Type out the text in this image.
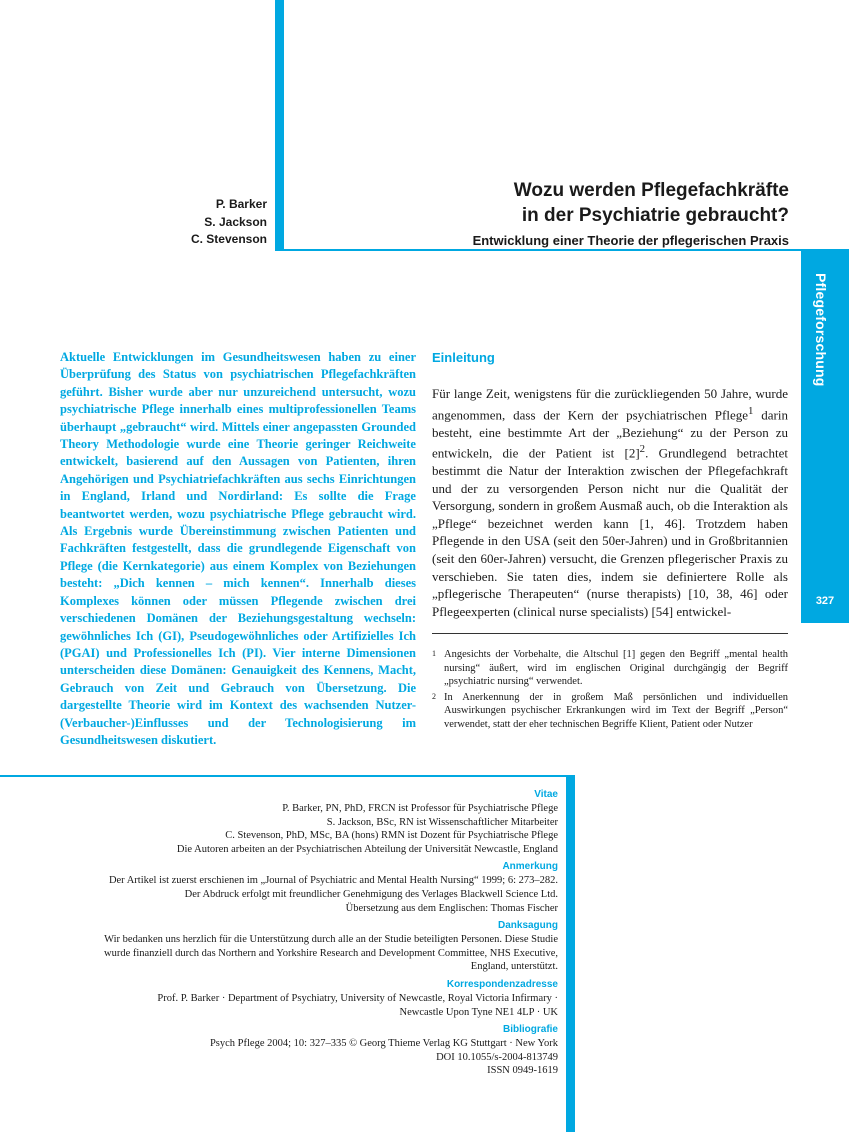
Pflegeforschung
327
P. Barker
S. Jackson
C. Stevenson
Wozu werden Pflegefachkräfte
in der Psychiatrie gebraucht?
Entwicklung einer Theorie der pflegerischen Praxis
Aktuelle Entwicklungen im Gesundheitswesen haben zu einer Überprüfung des Status von psychiatrischen Pflegefachkräften geführt. Bisher wurde aber nur unzureichend untersucht, wozu psychiatrische Pflege innerhalb eines multiprofessionellen Teams überhaupt „gebraucht“ wird. Mittels einer angepassten Grounded Theory Methodologie wurde eine Theorie geringer Reichweite entwickelt, basierend auf den Aussagen von Patienten, ihren Angehörigen und Psychiatriefachkräften aus sechs Einrichtungen in England, Irland und Nordirland: Es sollte die Frage beantwortet werden, wozu psychiatrische Pflege gebraucht wird. Als Ergebnis wurde Übereinstimmung zwischen Patienten und Fachkräften festgestellt, dass die grundlegende Eigenschaft von Pflege (die Kernkategorie) aus einem Komplex von Beziehungen besteht: „Dich kennen – mich kennen“. Innerhalb dieses Komplexes können oder müssen Pflegende zwischen drei verschiedenen Domänen der Beziehungsgestaltung wechseln: gewöhnliches Ich (GI), Pseudogewöhnliches oder Artifizielles Ich (PGAI) und Professionelles Ich (PI). Vier interne Dimensionen unterscheiden diese Domänen: Genauigkeit des Kennens, Macht, Gebrauch von Zeit und Gebrauch von Übersetzung. Die dargestellte Theorie wird im Kontext des wachsenden Nutzer-(Verbaucher-)Einflusses und der Technologisierung im Gesundheitswesen diskutiert.
Einleitung

Für lange Zeit, wenigstens für die zurückliegenden 50 Jahre, wurde angenommen, dass der Kern der psychiatrischen Pflege$^1$ darin besteht, eine bestimmte Art der „Beziehung“ zu der Person zu entwickeln, die der Patient ist $[2]^2$. Grundlegend betrachtet bestimmt die Natur der Interaktion zwischen der Pflegefachkraft und der zu versorgenden Person nicht nur die Qualität der Versorgung, sondern in großem Ausmaß auch, ob die Interaktion als „Pflege“ bezeichnet werden kann [1, 46]. Trotzdem haben Pflegende in den USA (seit den 50er-Jahren) und in Großbritannien (seit den 60er-Jahren) versucht, die Grenzen pflegerischer Praxis zu verschieben. Sie taten dies, indem sie definiertere Rolle als „pflegerische Therapeuten“ (nurse therapists) [10, 38, 46] oder Pflegeexperten (clinical nurse specialists) [54] entwickel-

1 Angesichts der Vorbehalte, die Altschul [1] gegen den Begriff „mental health nursing“ äußert, wird im englischen Original durchgängig der Begriff „psychiatric nursing“ verwendet.
2 In Anerkennung der in großem Maß persönlichen und individuellen Auswirkungen psychischer Erkrankungen wird im Text der Begriff „Person“ verwendet, statt der eher technischen Begriffe Klient, Patient oder Nutzer
Vitae
P. Barker, PN, PhD, FRCN ist Professor für Psychiatrische Pflege
S. Jackson, BSc, RN ist Wissenschaftlicher Mitarbeiter
C. Stevenson, PhD, MSc, BA (hons) RMN ist Dozent für Psychiatrische Pflege
Die Autoren arbeiten an der Psychiatrischen Abteilung der Universität Newcastle, England
Anmerkung
Der Artikel ist zuerst erschienen im „Journal of Psychiatric and Mental Health Nursing“ 1999; 6: 273–282.
Der Abdruck erfolgt mit freundlicher Genehmigung des Verlages Blackwell Science Ltd.
Übersetzung aus dem Englischen: Thomas Fischer
Danksagung
Wir bedanken uns herzlich für die Unterstützung durch alle an der Studie beteiligten Personen. Diese Studie
wurde finanziell durch das Northern and Yorkshire Research and Development Committee, NHS Executive,
England, unterstützt.
Korrespondenzadresse
Prof. P. Barker · Department of Psychiatry, University of Newcastle, Royal Victoria Infirmary ·
Newcastle Upon Tyne NE1 4LP · UK
Bibliografie
Psych Pflege 2004; 10: 327–335 © Georg Thieme Verlag KG Stuttgart · New York
DOI 10.1055/s-2004-813749
ISSN 0949-1619
